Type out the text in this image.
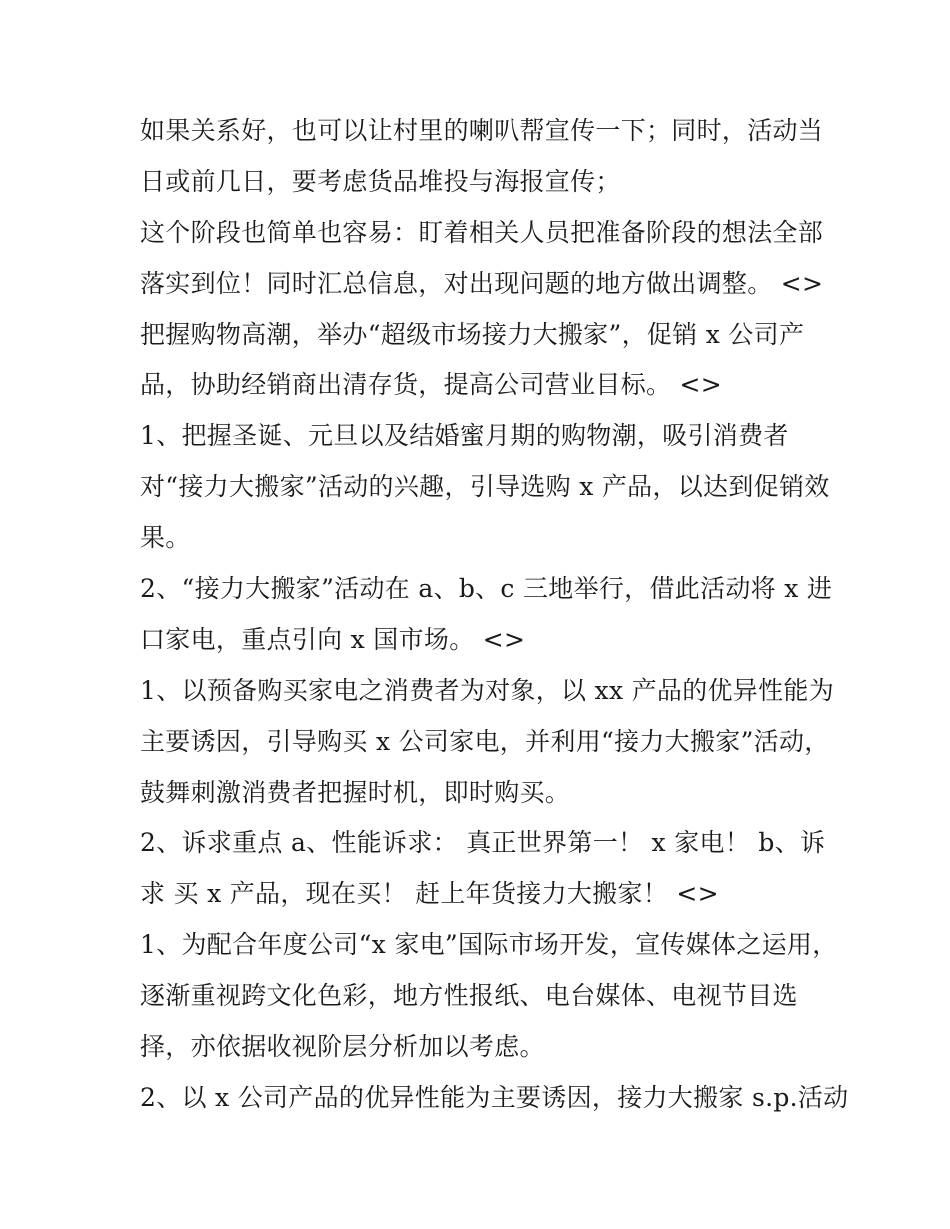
如果关系好，也可以让村里的喇叭帮宣传一下；同时，活动当
日或前几日，要考虑货品堆投与海报宣传；
这个阶段也简单也容易：盯着相关人员把准备阶段的想法全部
落实到位！同时汇总信息，对出现问题的地方做出调整。 <>
把握购物高潮，举办“超级市场接力大搬家”，促销 x 公司产
品，协助经销商出清存货，提高公司营业目标。 <>
1、把握圣诞、元旦以及结婚蜜月期的购物潮，吸引消费者
对“接力大搬家”活动的兴趣，引导选购 x 产品，以达到促销效
果。
2、“接力大搬家”活动在 a、b、c 三地举行，借此活动将 x 进
口家电，重点引向 x 国市场。 <>
1、以预备购买家电之消费者为对象，以 xx 产品的优异性能为
主要诱因，引导购买 x 公司家电，并利用“接力大搬家”活动，
鼓舞刺激消费者把握时机，即时购买。
2、诉求重点 a、性能诉求： 真正世界第一！ x 家电！ b、诉
求 买 x 产品，现在买！ 赶上年货接力大搬家！ <>
1、为配合年度公司“x 家电”国际市场开发，宣传媒体之运用，
逐渐重视跨文化色彩，地方性报纸、电台媒体、电视节目选
择，亦依据收视阶层分析加以考虑。
2、以 x 公司产品的优异性能为主要诱因，接力大搬家 s.p.活动
